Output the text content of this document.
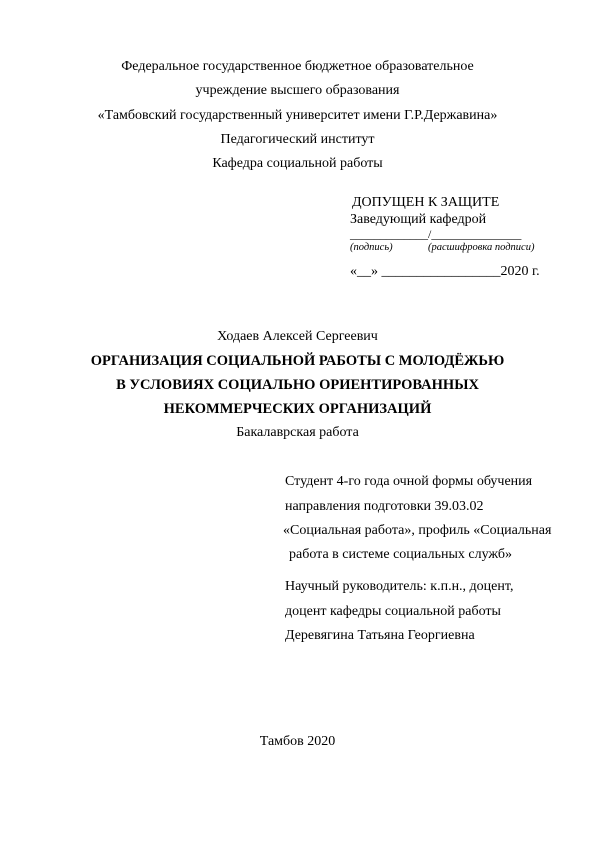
Федеральное государственное бюджетное образовательное
учреждение высшего образования
«Тамбовский государственный университет имени Г.Р.Державина»
Педагогический институт
Кафедра социальной работы
ДОПУЩЕН К ЗАЩИТЕ
Заведующий кафедрой
_____________/_______________
(подпись)	(расшифровка подписи)
«__» _________________2020 г.
Ходаев Алексей Сергеевич
ОРГАНИЗАЦИЯ СОЦИАЛЬНОЙ РАБОТЫ С МОЛОДЁЖЬЮ
В УСЛОВИЯХ СОЦИАЛЬНО ОРИЕНТИРОВАННЫХ
НЕКОММЕРЧЕСКИХ ОРГАНИЗАЦИЙ
Бакалаврская работа
Студент 4-го года очной формы обучения
направления подготовки 39.03.02
«Социальная работа», профиль «Социальная
работа в системе социальных служб»
Научный руководитель: к.п.н., доцент,
доцент кафедры социальной работы
Деревягина Татьяна Георгиевна
Тамбов 2020
